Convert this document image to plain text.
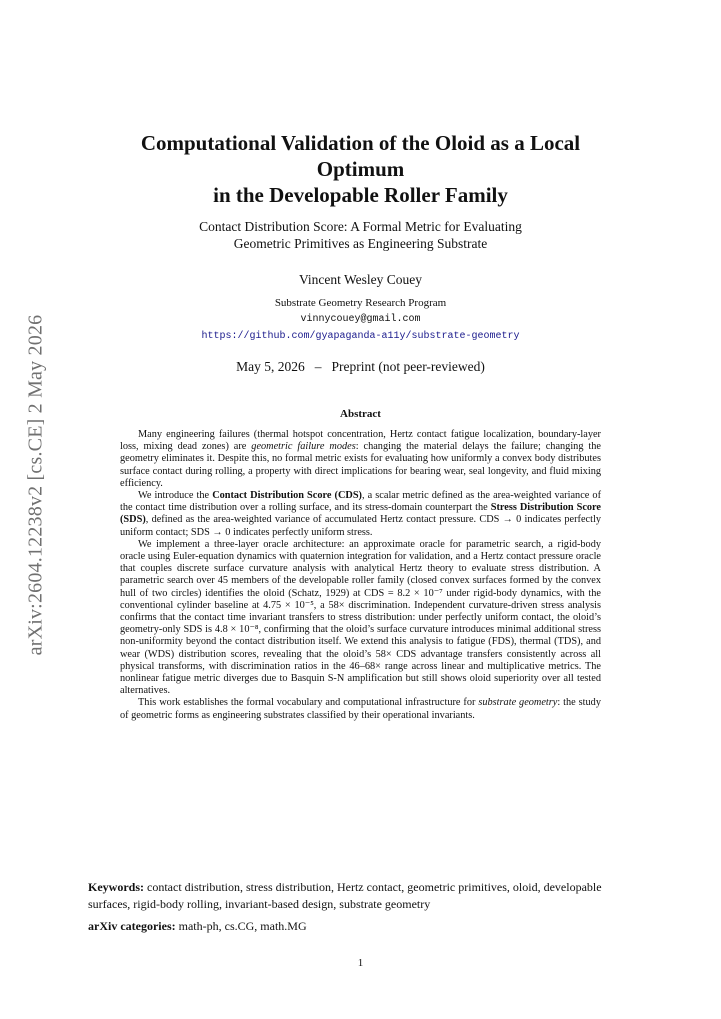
arXiv:2604.12238v2 [cs.CE] 2 May 2026
Computational Validation of the Oloid as a Local
Optimum
in the Developable Roller Family
Contact Distribution Score: A Formal Metric for Evaluating
Geometric Primitives as Engineering Substrate
Vincent Wesley Couey
Substrate Geometry Research Program
vinnycouey@gmail.com
https://github.com/gyapaganda-a11y/substrate-geometry
May 5, 2026 – Preprint (not peer-reviewed)
Abstract

Many engineering failures (thermal hotspot concentration, Hertz contact fatigue localization, boundary-layer loss, mixing dead zones) are geometric failure modes: changing the material delays the failure; changing the geometry eliminates it. Despite this, no formal metric exists for evaluating how uniformly a convex body distributes surface contact during rolling, a property with direct implications for bearing wear, seal longevity, and fluid mixing efficiency.

We introduce the Contact Distribution Score (CDS), a scalar metric defined as the area-weighted variance of the contact time distribution over a rolling surface, and its stress-domain counterpart the Stress Distribution Score (SDS), defined as the area-weighted variance of accumulated Hertz contact pressure. CDS → 0 indicates perfectly uniform contact; SDS → 0 indicates perfectly uniform stress.

We implement a three-layer oracle architecture: an approximate oracle for parametric search, a rigid-body oracle using Euler-equation dynamics with quaternion integration for validation, and a Hertz contact pressure oracle that couples discrete surface curvature analysis with analytical Hertz theory to evaluate stress distribution. A parametric search over 45 members of the developable roller family (closed convex surfaces formed by the convex hull of two circles) identifies the oloid (Schatz, 1929) at CDS = 8.2 × 10⁻⁷ under rigid-body dynamics, with the conventional cylinder baseline at 4.75 × 10⁻⁵, a 58× discrimination. Independent curvature-driven stress analysis confirms that the contact time invariant transfers to stress distribution: under perfectly uniform contact, the oloid’s geometry-only SDS is 4.8 × 10⁻⁸, confirming that the oloid’s surface curvature introduces minimal additional stress non-uniformity beyond the contact distribution itself. We extend this analysis to fatigue (FDS), thermal (TDS), and wear (WDS) distribution scores, revealing that the oloid’s 58× CDS advantage transfers consistently across all physical transforms, with discrimination ratios in the 46–68× range across linear and multiplicative metrics. The nonlinear fatigue metric diverges due to Basquin S-N amplification but still shows oloid superiority over all tested alternatives.

This work establishes the formal vocabulary and computational infrastructure for substrate geometry: the study of geometric forms as engineering substrates classified by their operational invariants.

Keywords: contact distribution, stress distribution, Hertz contact, geometric primitives, oloid, developable surfaces, rigid-body rolling, invariant-based design, substrate geometry
arXiv categories: math-ph, cs.CG, math.MG
1
